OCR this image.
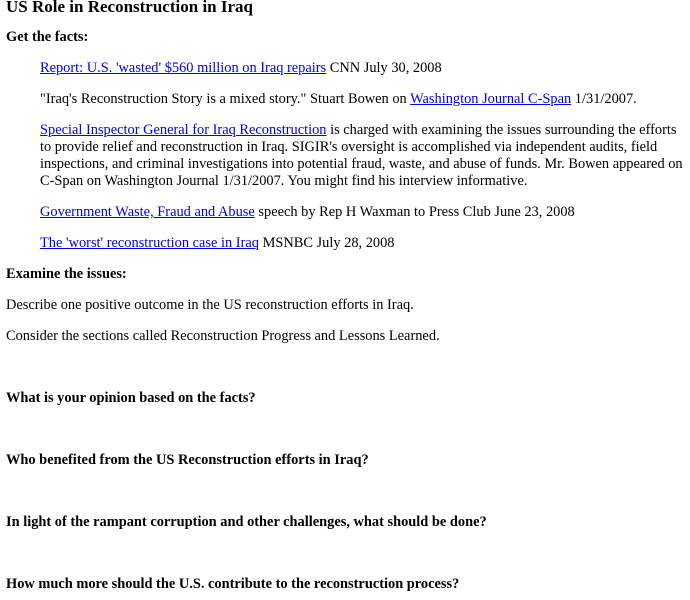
US Role in Reconstruction in Iraq

Get the facts:

Report: U.S. 'wasted' $560 million on Iraq repairs CNN July 30, 2008
"Iraq's Reconstruction Story is a mixed story." Stuart Bowen on Washington Journal C-Span 1/31/2007.
Special Inspector General for Iraq Reconstruction is charged with examining the issues surrounding the efforts to provide relief and reconstruction in Iraq. SIGIR's oversight is accomplished via independent audits, field inspections, and criminal investigations into potential fraud, waste, and abuse of funds. Mr. Bowen appeared on C-Span on Washington Journal 1/31/2007. You might find his interview informative.
Government Waste, Fraud and Abuse speech by Rep H Waxman to Press Club June 23, 2008
The 'worst' reconstruction case in Iraq MSNBC July 28, 2008

Examine the issues:

Describe one positive outcome in the US reconstruction efforts in Iraq.

Consider the sections called Reconstruction Progress and Lessons Learned.

What is your opinion based on the facts?

Who benefited from the US Reconstruction efforts in Iraq?

In light of the rampant corruption and other challenges, what should be done?

How much more should the U.S. contribute to the reconstruction process?
